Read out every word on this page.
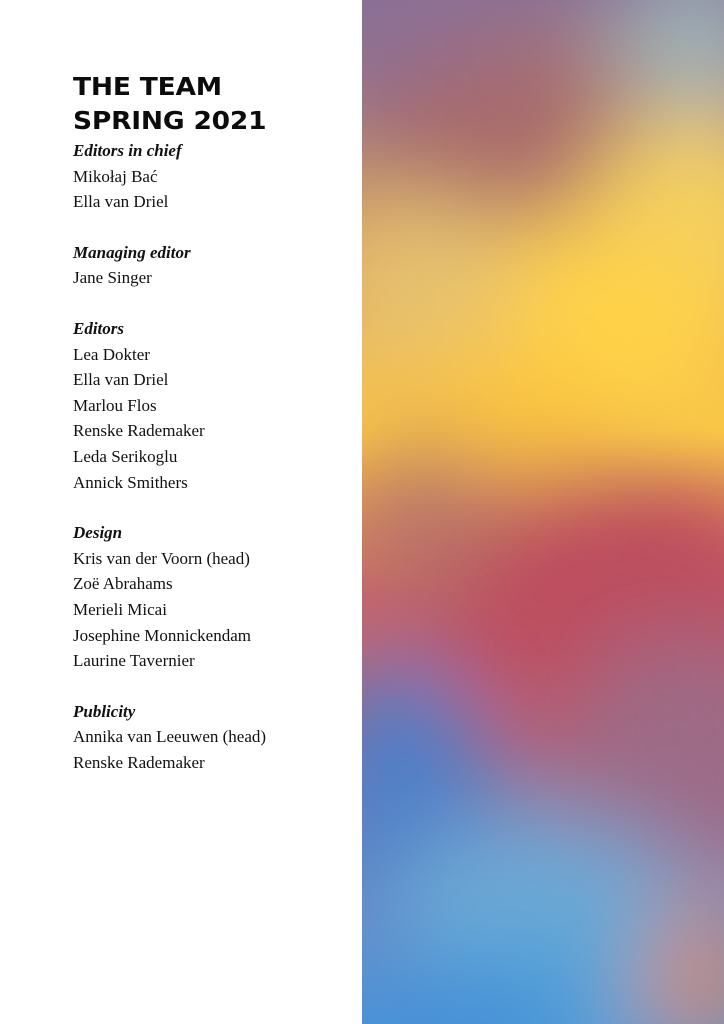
THE TEAM
SPRING 2021

Editors in chief

Mikołaj Bać
Ella van Driel

Managing editor

Jane Singer

Editors

Lea Dokter
Ella van Driel
Marlou Flos
Renske Rademaker
Leda Serikoglu
Annick Smithers

Design

Kris van der Voorn (head)
Zoë Abrahams
Merieli Micai
Josephine Monnickendam
Laurine Tavernier

Publicity

Annika van Leeuwen (head)
Renske Rademaker
